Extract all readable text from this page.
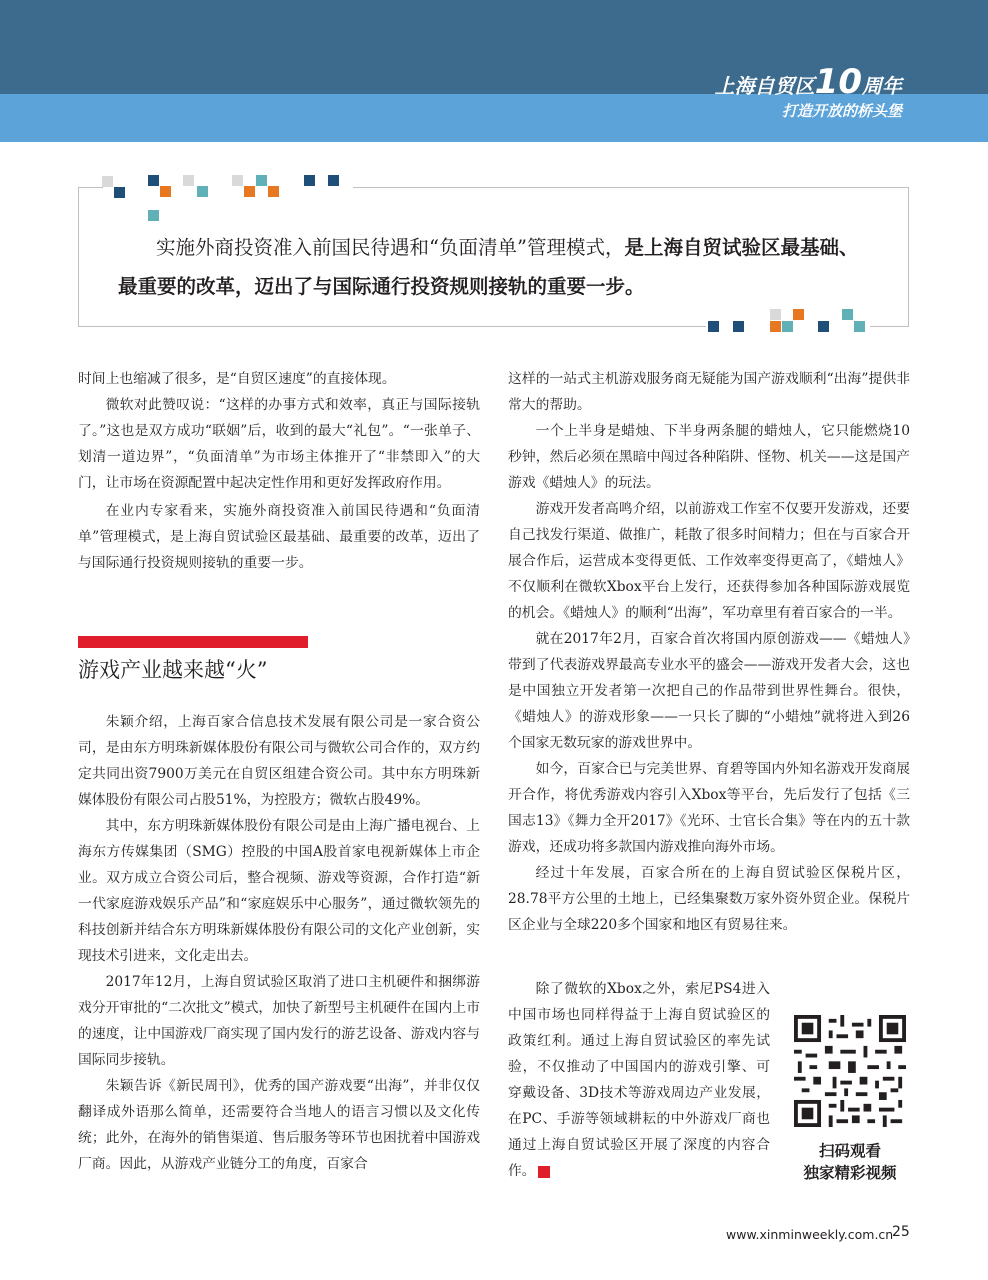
上海自贸区10周年
打造开放的桥头堡

实施外商投资准入前国民待遇和“负面清单”管理模式，是上海自贸试验区最基础、

最重要的改革，迈出了与国际通行投资规则接轨的重要一步。

时间上也缩减了很多，是“自贸区速度”的直接体现。

微软对此赞叹说：“这样的办事方式和效率，真正与国际接轨了。”这也是双方成功“联姻”后，收到的最大“礼包”。“一张单子、划清一道边界”，“负面清单”为市场主体推开了“非禁即入”的大门，让市场在资源配置中起决定性作用和更好发挥政府作用。

在业内专家看来，实施外商投资准入前国民待遇和“负面清单”管理模式，是上海自贸试验区最基础、最重要的改革，迈出了与国际通行投资规则接轨的重要一步。

游戏产业越来越“火”

朱颖介绍，上海百家合信息技术发展有限公司是一家合资公司，是由东方明珠新媒体股份有限公司与微软公司合作的，双方约定共同出资7900万美元在自贸区组建合资公司。其中东方明珠新媒体股份有限公司占股51%，为控股方；微软占股49%。

其中，东方明珠新媒体股份有限公司是由上海广播电视台、上海东方传媒集团（SMG）控股的中国A股首家电视新媒体上市企业。双方成立合资公司后，整合视频、游戏等资源，合作打造“新一代家庭游戏娱乐产品”和“家庭娱乐中心服务”，通过微软领先的科技创新并结合东方明珠新媒体股份有限公司的文化产业创新，实现技术引进来，文化走出去。

2017年12月，上海自贸试验区取消了进口主机硬件和捆绑游戏分开审批的“二次批文”模式，加快了新型号主机硬件在国内上市的速度，让中国游戏厂商实现了国内发行的游艺设备、游戏内容与国际同步接轨。

朱颖告诉《新民周刊》，优秀的国产游戏要“出海”，并非仅仅翻译成外语那么简单，还需要符合当地人的语言习惯以及文化传统；此外，在海外的销售渠道、售后服务等环节也困扰着中国游戏厂商。因此，从游戏产业链分工的角度，百家合

这样的一站式主机游戏服务商无疑能为国产游戏顺利“出海”提供非常大的帮助。

一个上半身是蜡烛、下半身两条腿的蜡烛人，它只能燃烧10秒钟，然后必须在黑暗中闯过各种陷阱、怪物、机关——这是国产游戏《蜡烛人》的玩法。

游戏开发者高鸣介绍，以前游戏工作室不仅要开发游戏，还要自己找发行渠道、做推广，耗散了很多时间精力；但在与百家合开展合作后，运营成本变得更低、工作效率变得更高了，《蜡烛人》不仅顺利在微软Xbox平台上发行，还获得参加各种国际游戏展览的机会。《蜡烛人》的顺利“出海”，军功章里有着百家合的一半。

就在2017年2月，百家合首次将国内原创游戏——《蜡烛人》带到了代表游戏界最高专业水平的盛会——游戏开发者大会，这也是中国独立开发者第一次把自己的作品带到世界性舞台。很快，《蜡烛人》的游戏形象——一只长了脚的“小蜡烛”就将进入到26个国家无数玩家的游戏世界中。

如今，百家合已与完美世界、育碧等国内外知名游戏开发商展开合作，将优秀游戏内容引入Xbox等平台，先后发行了包括《三国志13》《舞力全开2017》《光环、士官长合集》等在内的五十款游戏，还成功将多款国内游戏推向海外市场。

经过十年发展，百家合所在的上海自贸试验区保税片区，28.78平方公里的土地上，已经集聚数万家外资外贸企业。保税片区企业与全球220多个国家和地区有贸易往来。

除了微软的Xbox之外，索尼PS4进入中国市场也同样得益于上海自贸试验区的政策红利。通过上海自贸试验区的率先试验，不仅推动了中国国内的游戏引擎、可穿戴设备、3D技术等游戏周边产业发展，在PC、手游等领域耕耘的中外游戏厂商也通过上海自贸试验区开展了深度的内容合作。

扫码观看
独家精彩视频
www.xinminweekly.com.cn
25
